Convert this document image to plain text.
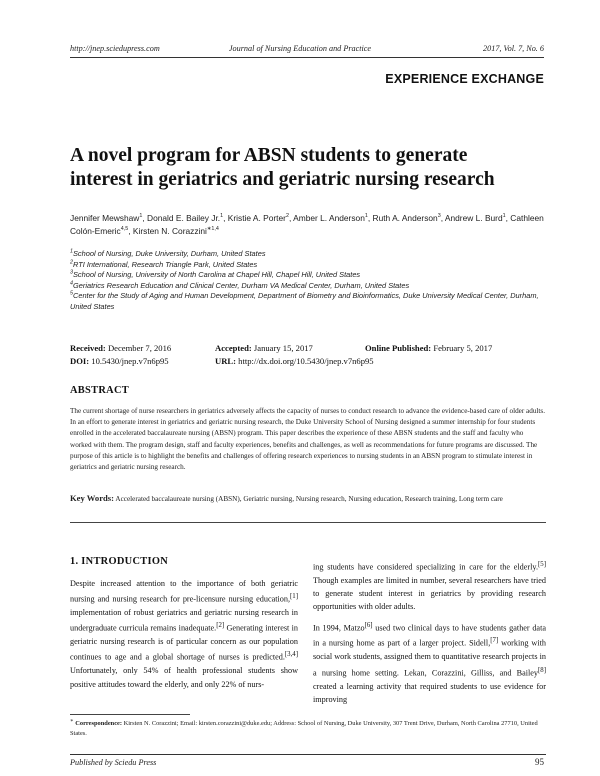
http://jnep.sciedupress.com	Journal of Nursing Education and Practice	2017, Vol. 7, No. 6
EXPERIENCE EXCHANGE
A novel program for ABSN students to generate
interest in geriatrics and geriatric nursing research
Jennifer Mewshaw$^1$, Donald E. Bailey Jr.$^1$, Kristie A. Porter$^2$, Amber L. Anderson$^1$, Ruth A. Anderson$^3$, Andrew L. Burd$^1$, Cathleen Colón-Emeric$^{4,5}$, Kirsten N. Corazzini$^{∗1,4}$
$^1$School of Nursing, Duke University, Durham, United States
$^2$RTI International, Research Triangle Park, United States
$^3$School of Nursing, University of North Carolina at Chapel Hill, Chapel Hill, United States
$^4$Geriatrics Research Education and Clinical Center, Durham VA Medical Center, Durham, United States
$^5$Center for the Study of Aging and Human Development, Department of Biometry and Bioinformatics, Duke University Medical Center, Durham, United States
Received: December 7, 2016	Accepted: January 15, 2017	Online Published: February 5, 2017
DOI: 10.5430/jnep.v7n6p95	URL: http://dx.doi.org/10.5430/jnep.v7n6p95
ABSTRACT
The current shortage of nurse researchers in geriatrics adversely affects the capacity of nurses to conduct research to advance the evidence-based care of older adults. In an effort to generate interest in geriatrics and geriatric nursing research, the Duke University School of Nursing designed a summer internship for four students enrolled in the accelerated baccalaureate nursing (ABSN) program. This paper describes the experience of these ABSN students and the staff and faculty who worked with them. The program design, staff and faculty experiences, benefits and challenges, as well as recommendations for future programs are discussed. The purpose of this article is to highlight the benefits and challenges of offering research experiences to nursing students in an ABSN program to stimulate interest in geriatrics and geriatric nursing research.
Key Words: Accelerated baccalaureate nursing (ABSN), Geriatric nursing, Nursing research, Nursing education, Research training, Long term care
1. INTRODUCTION
Despite increased attention to the importance of both geriatric nursing and nursing research for pre-licensure nursing education,[1] implementation of robust geriatrics and geriatric nursing research in undergraduate curricula remains inadequate.[2] Generating interest in geriatric nursing research is of particular concern as our population continues to age and a global shortage of nurses is predicted.[3,4] Unfortunately, only 54% of health professional students show positive attitudes toward the elderly, and only 22% of nurs-

ing students have considered specializing in care for the elderly.[5] Though examples are limited in number, several researchers have tried to generate student interest in geriatrics by providing research opportunities with older adults.

In 1994, Matzo[6] used two clinical days to have students gather data in a nursing home as part of a larger project. Sidell,[7] working with social work students, assigned them to quantitative research projects in a nursing home setting. Lekan, Corazzini, Gilliss, and Bailey[8] created a learning activity that required students to use evidence for improving

∗ Correspondence: Kirsten N. Corazzini; Email: kirsten.corazzini@duke.edu; Address: School of Nursing, Duke University, 307 Trent Drive, Durham, North Carolina 27710, United States.
Published by Sciedu Press	95
